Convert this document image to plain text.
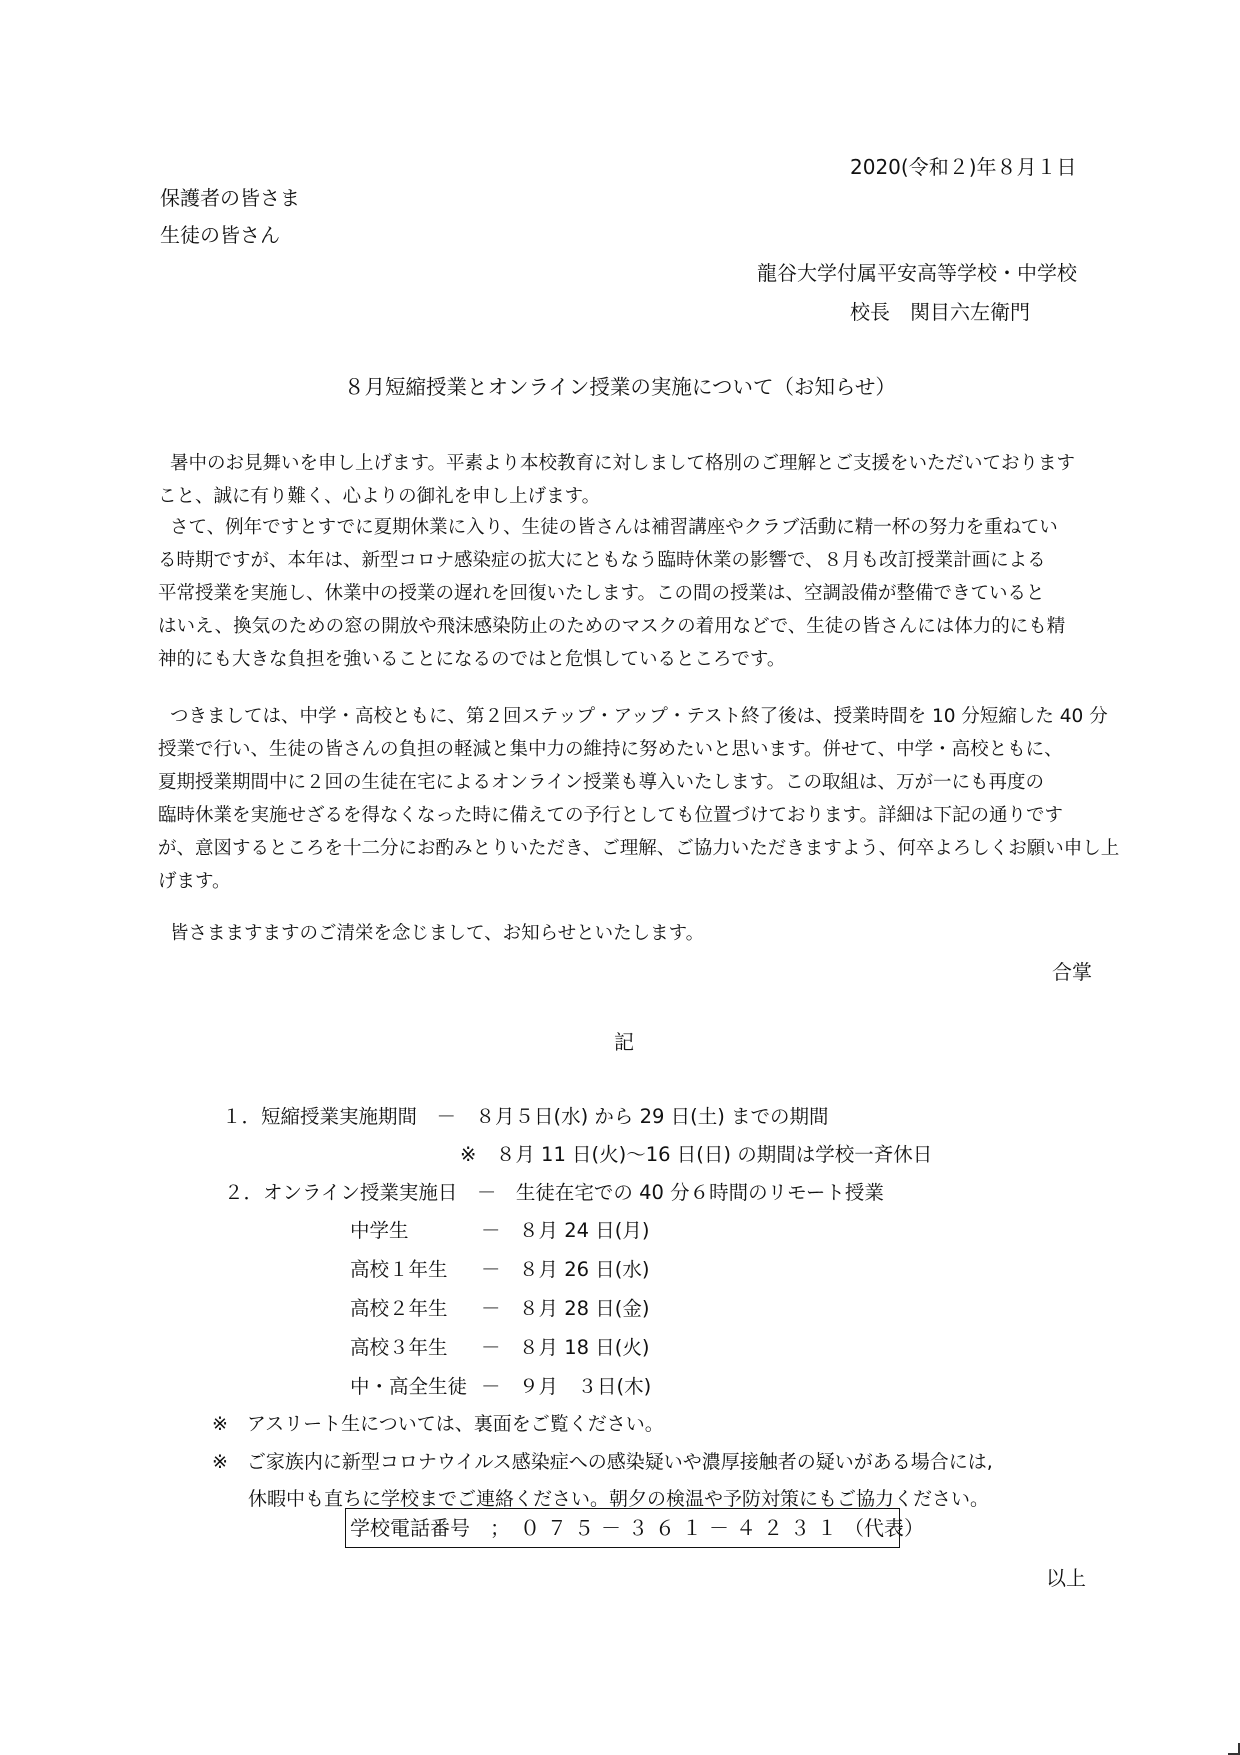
2020(令和２)年８月１日
保護者の皆さま
生徒の皆さん
龍谷大学付属平安高等学校・中学校
校長　関目六左衛門
８月短縮授業とオンライン授業の実施について（お知らせ）
暑中のお見舞いを申し上げます。平素より本校教育に対しまして格別のご理解とご支援をいただいております
こと、誠に有り難く、心よりの御礼を申し上げます。
さて、例年ですとすでに夏期休業に入り、生徒の皆さんは補習講座やクラブ活動に精一杯の努力を重ねてい
る時期ですが、本年は、新型コロナ感染症の拡大にともなう臨時休業の影響で、８月も改訂授業計画による
平常授業を実施し、休業中の授業の遅れを回復いたします。この間の授業は、空調設備が整備できていると
はいえ、換気のための窓の開放や飛沫感染防止のためのマスクの着用などで、生徒の皆さんには体力的にも精
神的にも大きな負担を強いることになるのではと危惧しているところです。
つきましては、中学・高校ともに、第２回ステップ・アップ・テスト終了後は、授業時間を 10 分短縮した 40 分
授業で行い、生徒の皆さんの負担の軽減と集中力の維持に努めたいと思います。併せて、中学・高校ともに、
夏期授業期間中に２回の生徒在宅によるオンライン授業も導入いたします。この取組は、万が一にも再度の
臨時休業を実施せざるを得なくなった時に備えての予行としても位置づけております。詳細は下記の通りです
が、意図するところを十二分にお酌みとりいただき、ご理解、ご協力いただきますよう、何卒よろしくお願い申し上
げます。
皆さまますますのご清栄を念じまして、お知らせといたします。
合掌
記
１．短縮授業実施期間　－　８月５日(水) から 29 日(土) までの期間
※　８月 11 日(火)～16 日(日) の期間は学校一斉休日
２．オンライン授業実施日　－　生徒在宅での 40 分６時間のリモート授業
中学生	－ ８月 24 日(月)
高校１年生 － ８月 26 日(水)
高校２年生 － ８月 28 日(金)
高校３年生 － ８月 18 日(火)
中・高全生徒 － ９月　３日(木)
※　アスリート生については、裏面をご覧ください。
※　ご家族内に新型コロナウイルス感染症への感染疑いや濃厚接触者の疑いがある場合には,
休暇中も直ちに学校までご連絡ください。朝夕の検温や予防対策にもご協力ください。
学校電話番号　； ０７５－３６１－４２３１（代表）
以上
